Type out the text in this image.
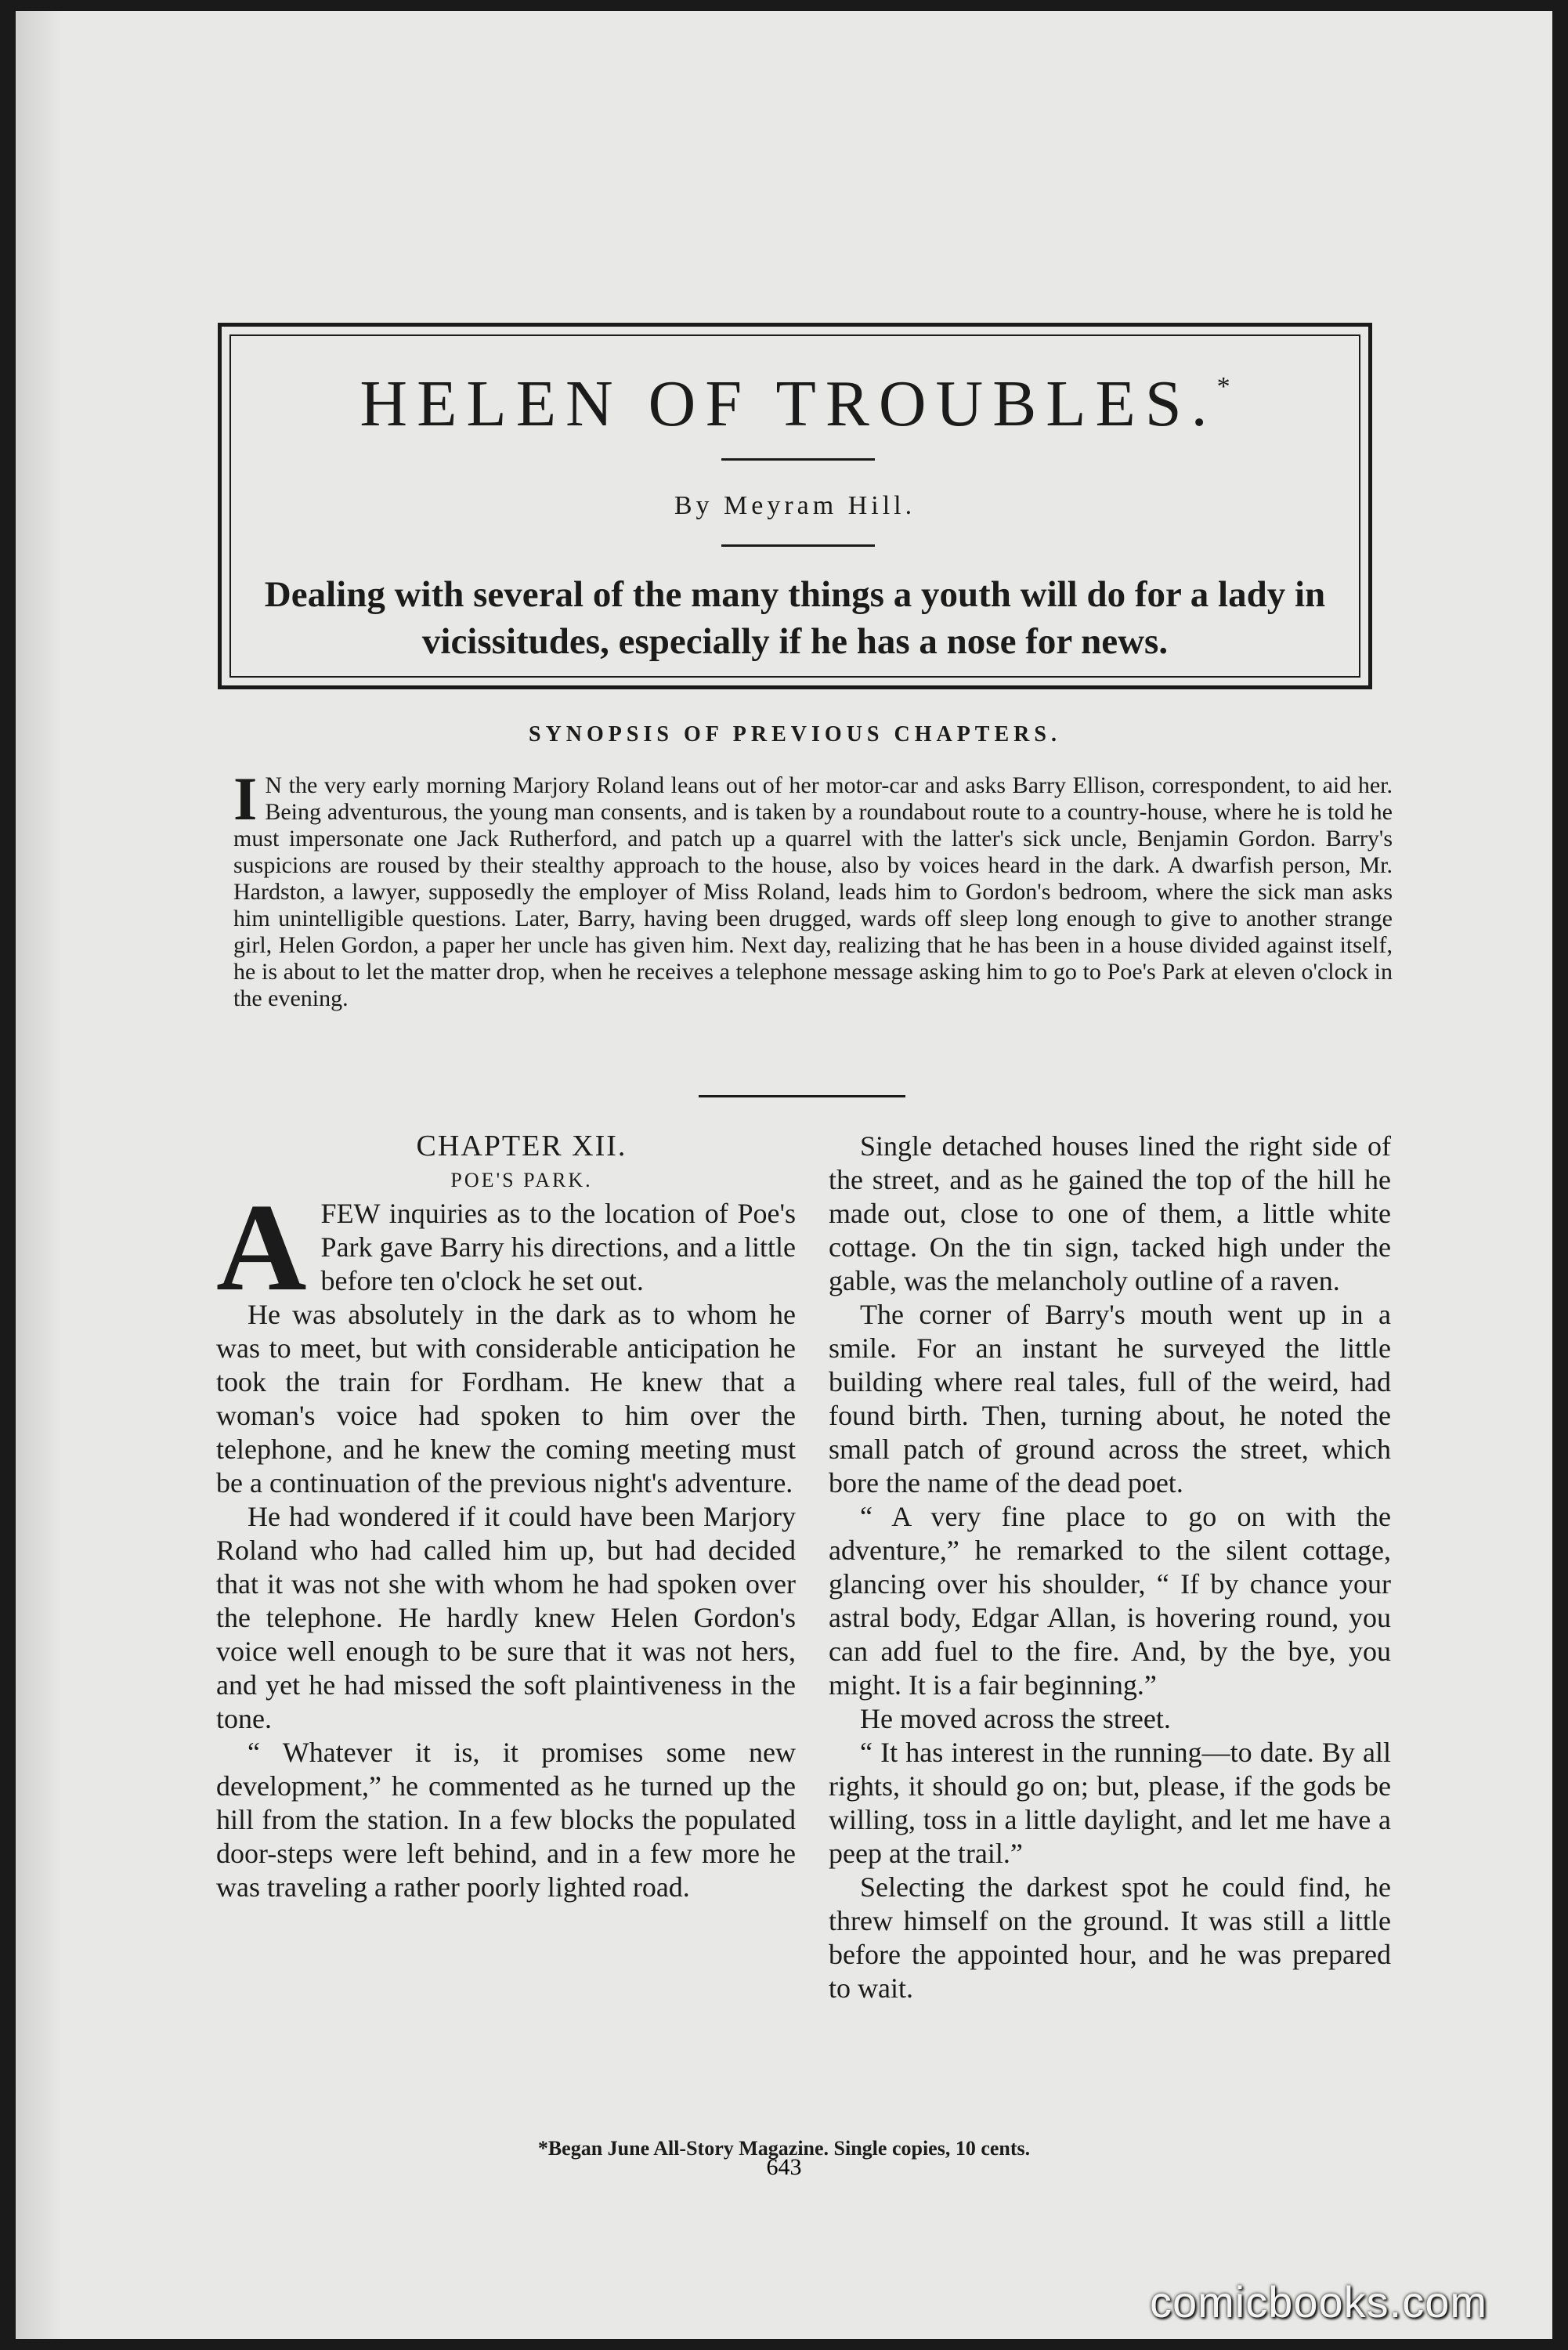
HELEN OF TROUBLES.*
By Meyram Hill.
Dealing with several of the many things a youth will do for a lady in vicissitudes, especially if he has a nose for news.
SYNOPSIS OF PREVIOUS CHAPTERS.
I N the very early morning Marjory Roland leans out of her motor-car and asks Barry Ellison, correspondent, to aid her. Being adventurous, the young man consents, and is taken by a roundabout route to a country-house, where he is told he must impersonate one Jack Rutherford, and patch up a quarrel with the latter's sick uncle, Benjamin Gordon. Barry's suspicions are roused by their stealthy approach to the house, also by voices heard in the dark. A dwarfish person, Mr. Hardston, a lawyer, supposedly the employer of Miss Roland, leads him to Gordon's bedroom, where the sick man asks him unintelligible questions. Later, Barry, having been drugged, wards off sleep long enough to give to another strange girl, Helen Gordon, a paper her uncle has given him. Next day, realizing that he has been in a house divided against itself, he is about to let the matter drop, when he receives a telephone message asking him to go to Poe's Park at eleven o'clock in the evening.

CHAPTER XII.

POE'S PARK.

AFEW inquiries as to the location of Poe's Park gave Barry his directions, and a little before ten o'clock he set out.

He was absolutely in the dark as to whom he was to meet, but with considerable anticipation he took the train for Fordham. He knew that a woman's voice had spoken to him over the telephone, and he knew the coming meeting must be a continuation of the previous night's adventure.

He had wondered if it could have been Marjory Roland who had called him up, but had decided that it was not she with whom he had spoken over the telephone. He hardly knew Helen Gordon's voice well enough to be sure that it was not hers, and yet he had missed the soft plaintiveness in the tone.

“ Whatever it is, it promises some new development,” he commented as he turned up the hill from the station. In a few blocks the populated door-steps were left behind, and in a few more he was traveling a rather poorly lighted road.

Single detached houses lined the right side of the street, and as he gained the top of the hill he made out, close to one of them, a little white cottage. On the tin sign, tacked high under the gable, was the melancholy outline of a raven.

The corner of Barry's mouth went up in a smile. For an instant he surveyed the little building where real tales, full of the weird, had found birth. Then, turning about, he noted the small patch of ground across the street, which bore the name of the dead poet.

“ A very fine place to go on with the adventure,” he remarked to the silent cottage, glancing over his shoulder, “ If by chance your astral body, Edgar Allan, is hovering round, you can add fuel to the fire. And, by the bye, you might. It is a fair beginning.”

He moved across the street.

“ It has interest in the running—to date. By all rights, it should go on; but, please, if the gods be willing, toss in a little daylight, and let me have a peep at the trail.”

Selecting the darkest spot he could find, he threw himself on the ground. It was still a little before the appointed hour, and he was prepared to wait.

*Began June All-Story Magazine. Single copies, 10 cents.
643
comicbooks.com
